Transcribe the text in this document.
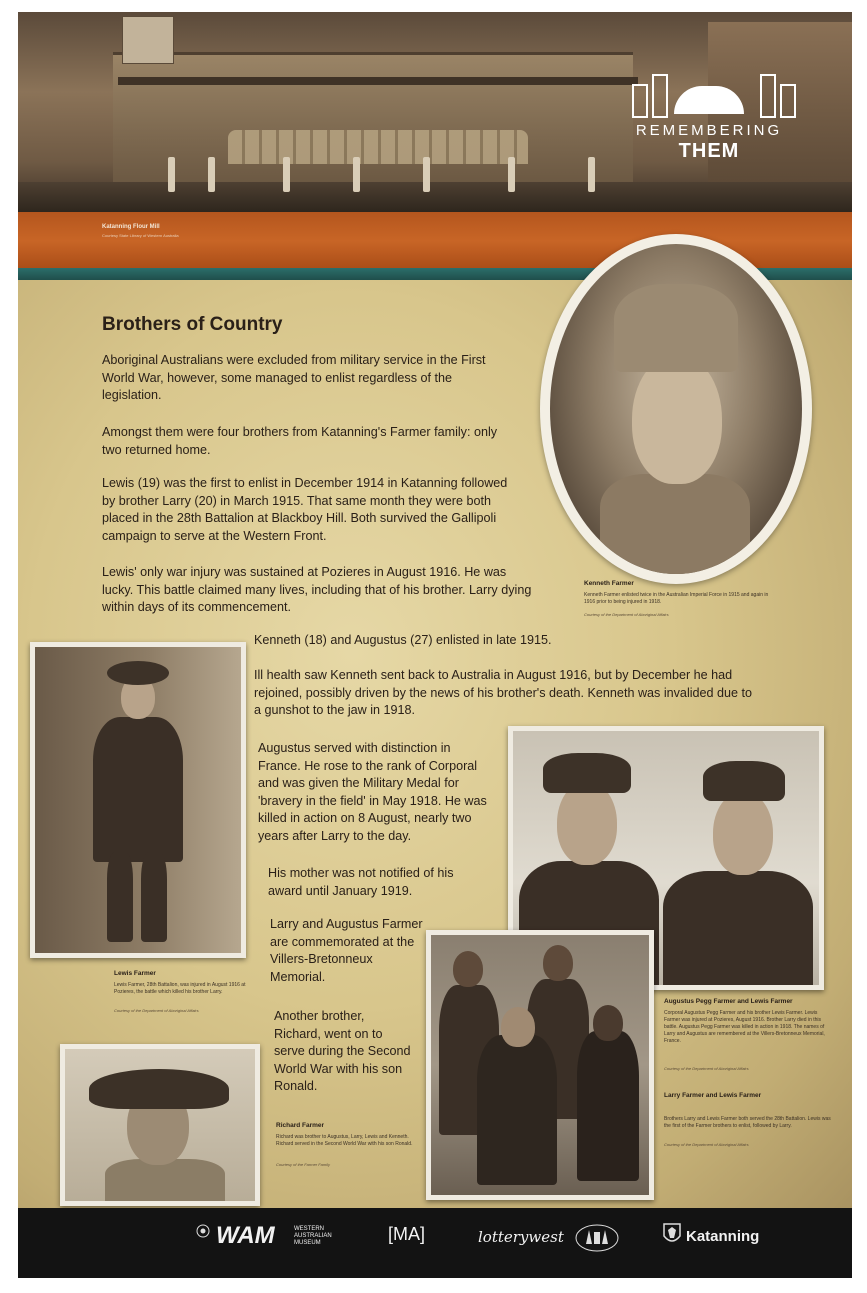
REMEMBERING
THEM
Katanning Flour Mill
Courtesy State Library of Western Australia
Brothers of Country
Aboriginal Australians were excluded from military service in the First World War, however, some managed to enlist regardless of the legislation.
Amongst them were four brothers from Katanning's Farmer family: only two returned home.
Lewis (19) was the first to enlist in December 1914 in Katanning followed by brother Larry (20) in March 1915. That same month they were both placed in the 28th Battalion at Blackboy Hill. Both survived the Gallipoli campaign to serve at the Western Front.
Lewis' only war injury was sustained at Pozieres in August 1916. He was lucky. This battle claimed many lives, including that of his brother. Larry dying within days of its commencement.
Kenneth (18) and Augustus (27) enlisted in late 1915.
Ill health saw Kenneth sent back to Australia in August 1916, but by December he had rejoined, possibly driven by the news of his brother's death. Kenneth was invalided due to a gunshot to the jaw in 1918.
Augustus served with distinction in France. He rose to the rank of Corporal and was given the Military Medal for 'bravery in the field' in May 1918. He was killed in action on 8 August, nearly two years after Larry to the day.
His mother was not notified of his award until January 1919.
Larry and Augustus Farmer are commemorated at the Villers-Bretonneux Memorial.
Another brother, Richard, went on to serve during the Second World War with his son Ronald.
Kenneth Farmer
Kenneth Farmer enlisted twice in the Australian Imperial Force in 1915 and again in 1916 prior to being injured in 1918.
Courtesy of the Department of Aboriginal Affairs
Lewis Farmer
Lewis Farmer, 28th Battalion, was injured in August 1916 at Pozieres, the battle which killed his brother Larry.
Courtesy of the Department of Aboriginal Affairs
Augustus Pegg Farmer and Lewis Farmer
Corporal Augustus Pegg Farmer and his brother Lewis Farmer. Lewis Farmer was injured at Pozieres, August 1916. Brother Larry died in this battle. Augustus Pegg Farmer was killed in action in 1918. The names of Larry and Augustus are remembered at the Villers-Bretonneux Memorial, France.
Courtesy of the Department of Aboriginal Affairs
Larry Farmer and Lewis Farmer
Brothers Larry and Lewis Farmer both served the 28th Battalion. Lewis was the first of the Farmer brothers to enlist, followed by Larry.
Courtesy of the Department of Aboriginal Affairs
Richard Farmer
Richard was brother to Augustus, Larry, Lewis and Kenneth. Richard served in the Second World War with his son Ronald.
Courtesy of the Farmer Family
WAM	WESTERN
AUSTRALIAN
MUSEUM	[MA]	lotterywest	Katanning
